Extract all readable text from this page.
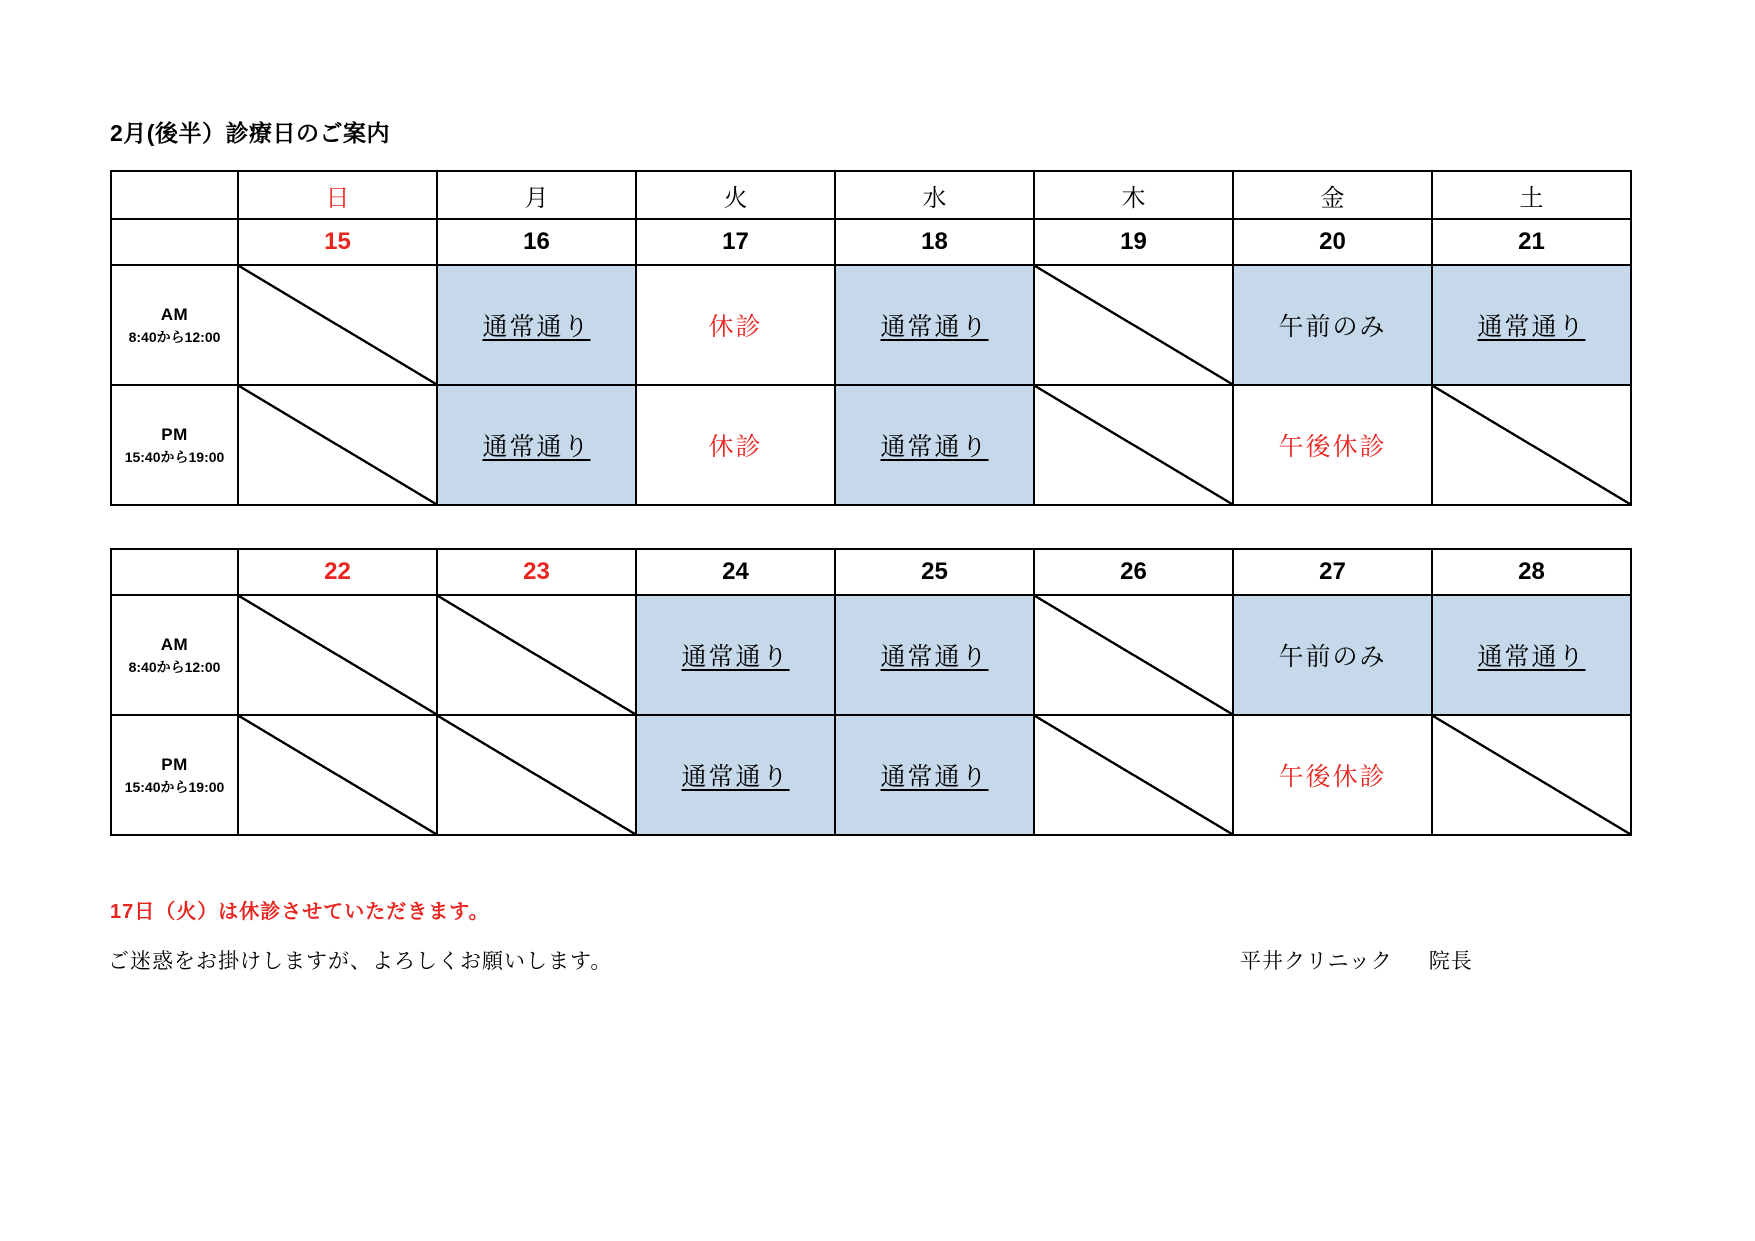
2月(後半）診療日のご案内
	日	月	火	水	木	金	土
	15	16	17	18	19	20	21

AM
8:40から12:00		通常通り	休診	通常通り		午前のみ	通常通り

PM
15:40から19:00		通常通り	休診	通常通り		午後休診	
	22	23	24	25	26	27	28

AM
8:40から12:00			通常通り	通常通り		午前のみ	通常通り

PM
15:40から19:00			通常通り	通常通り		午後休診	
17日（火）は休診させていただきます。
ご迷惑をお掛けしますが、よろしくお願いします。	平井クリニック 院長
